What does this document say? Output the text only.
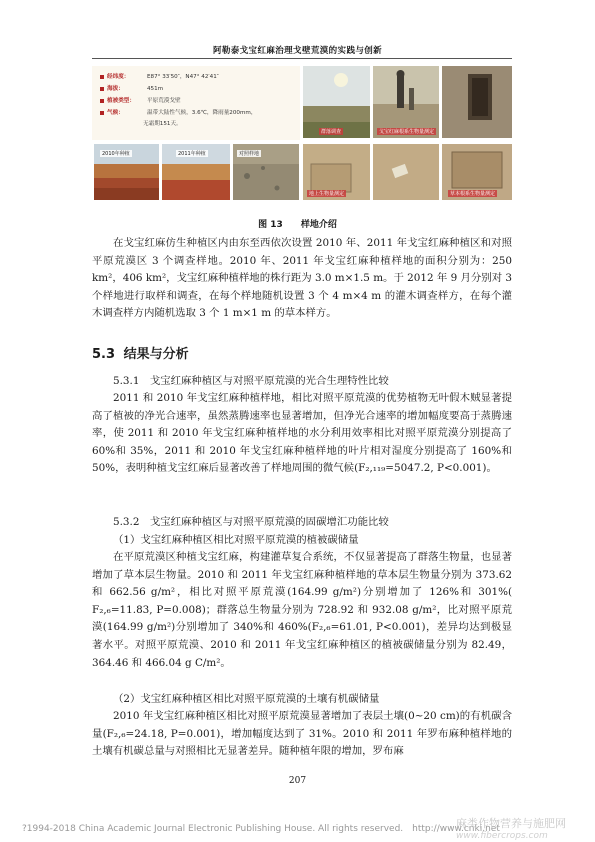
阿勒泰戈宝红麻治理戈壁荒漠的实践与创新
经纬度：	E87° 33′50″，N47° 42′41″
海拔：	451m
植被类型： 平原荒漠戈壁
气候：	温带大陆性气候，3.6℃，降雨量200mm，
无霜期151天。
2010年种植	2011年种植	对照样地
群落调查	戈宝红麻根系生物量测定
地上生物量测定	草本根系生物量测定
图 13　　样地介绍

在戈宝红麻仿生种植区内由东至西依次设置 2010 年、2011 年戈宝红麻种植区和对照平原荒漠区 3 个调查样地。2010 年、2011 年戈宝红麻种植样地的面积分别为：250 km²，406 km²，戈宝红麻种植样地的株行距为 3.0 m×1.5 m。于 2012 年 9 月分别对 3 个样地进行取样和调查，在每个样地随机设置 3 个 4 m×4 m 的灌木调查样方，在每个灌木调查样方内随机选取 3 个 1 m×1 m 的草本样方。

5.3 结果与分析
5.3.1　戈宝红麻种植区与对照平原荒漠的光合生理特性比较

2011 和 2010 年戈宝红麻种植样地，相比对照平原荒漠的优势植物无叶假木贼显著提高了植被的净光合速率，虽然蒸腾速率也显著增加，但净光合速率的增加幅度要高于蒸腾速率，使 2011 和 2010 年戈宝红麻种植样地的水分利用效率相比对照平原荒漠分别提高了 60%和 35%，2011 和 2010 年戈宝红麻种植样地的叶片相对湿度分别提高了 160%和 50%，表明种植戈宝红麻后显著改善了样地周围的微气候(F₂,₁₁₉=5047.2, P<0.001)。

5.3.2　戈宝红麻种植区与对照平原荒漠的固碳增汇功能比较
（1）戈宝红麻种植区相比对照平原荒漠的植被碳储量

在平原荒漠区种植戈宝红麻，构建灌草复合系统，不仅显著提高了群落生物量，也显著增加了草本层生物量。2010 和 2011 年戈宝红麻种植样地的草本层生物量分别为 373.62 和 662.56 g/m²，相比对照平原荒漠(164.99 g/m²)分别增加了 126%和 301%( F₂,₆=11.83, P=0.008)；群落总生物量分别为 728.92 和 932.08 g/m²，比对照平原荒漠(164.99 g/m²)分别增加了 340%和 460%(F₂,₆=61.01, P<0.001)，差异均达到极显著水平。对照平原荒漠、2010 和 2011 年戈宝红麻种植区的植被碳储量分别为 82.49，364.46 和 466.04 g C/m²。

（2）戈宝红麻种植区相比对照平原荒漠的土壤有机碳储量

2010 年戈宝红麻种植区相比对照平原荒漠显著增加了表层土壤(0~20 cm)的有机碳含量(F₂,₆=24.18, P=0.001)，增加幅度达到了 31%。2010 和 2011 年罗布麻种植样地的土壤有机碳总量与对照相比无显著差异。随种植年限的增加，罗布麻

207
?1994-2018 China Academic Journal Electronic Publishing House. All rights reserved.　http://www.cnki.net
麻类作物营养与施肥网
www.fibercrops.com
